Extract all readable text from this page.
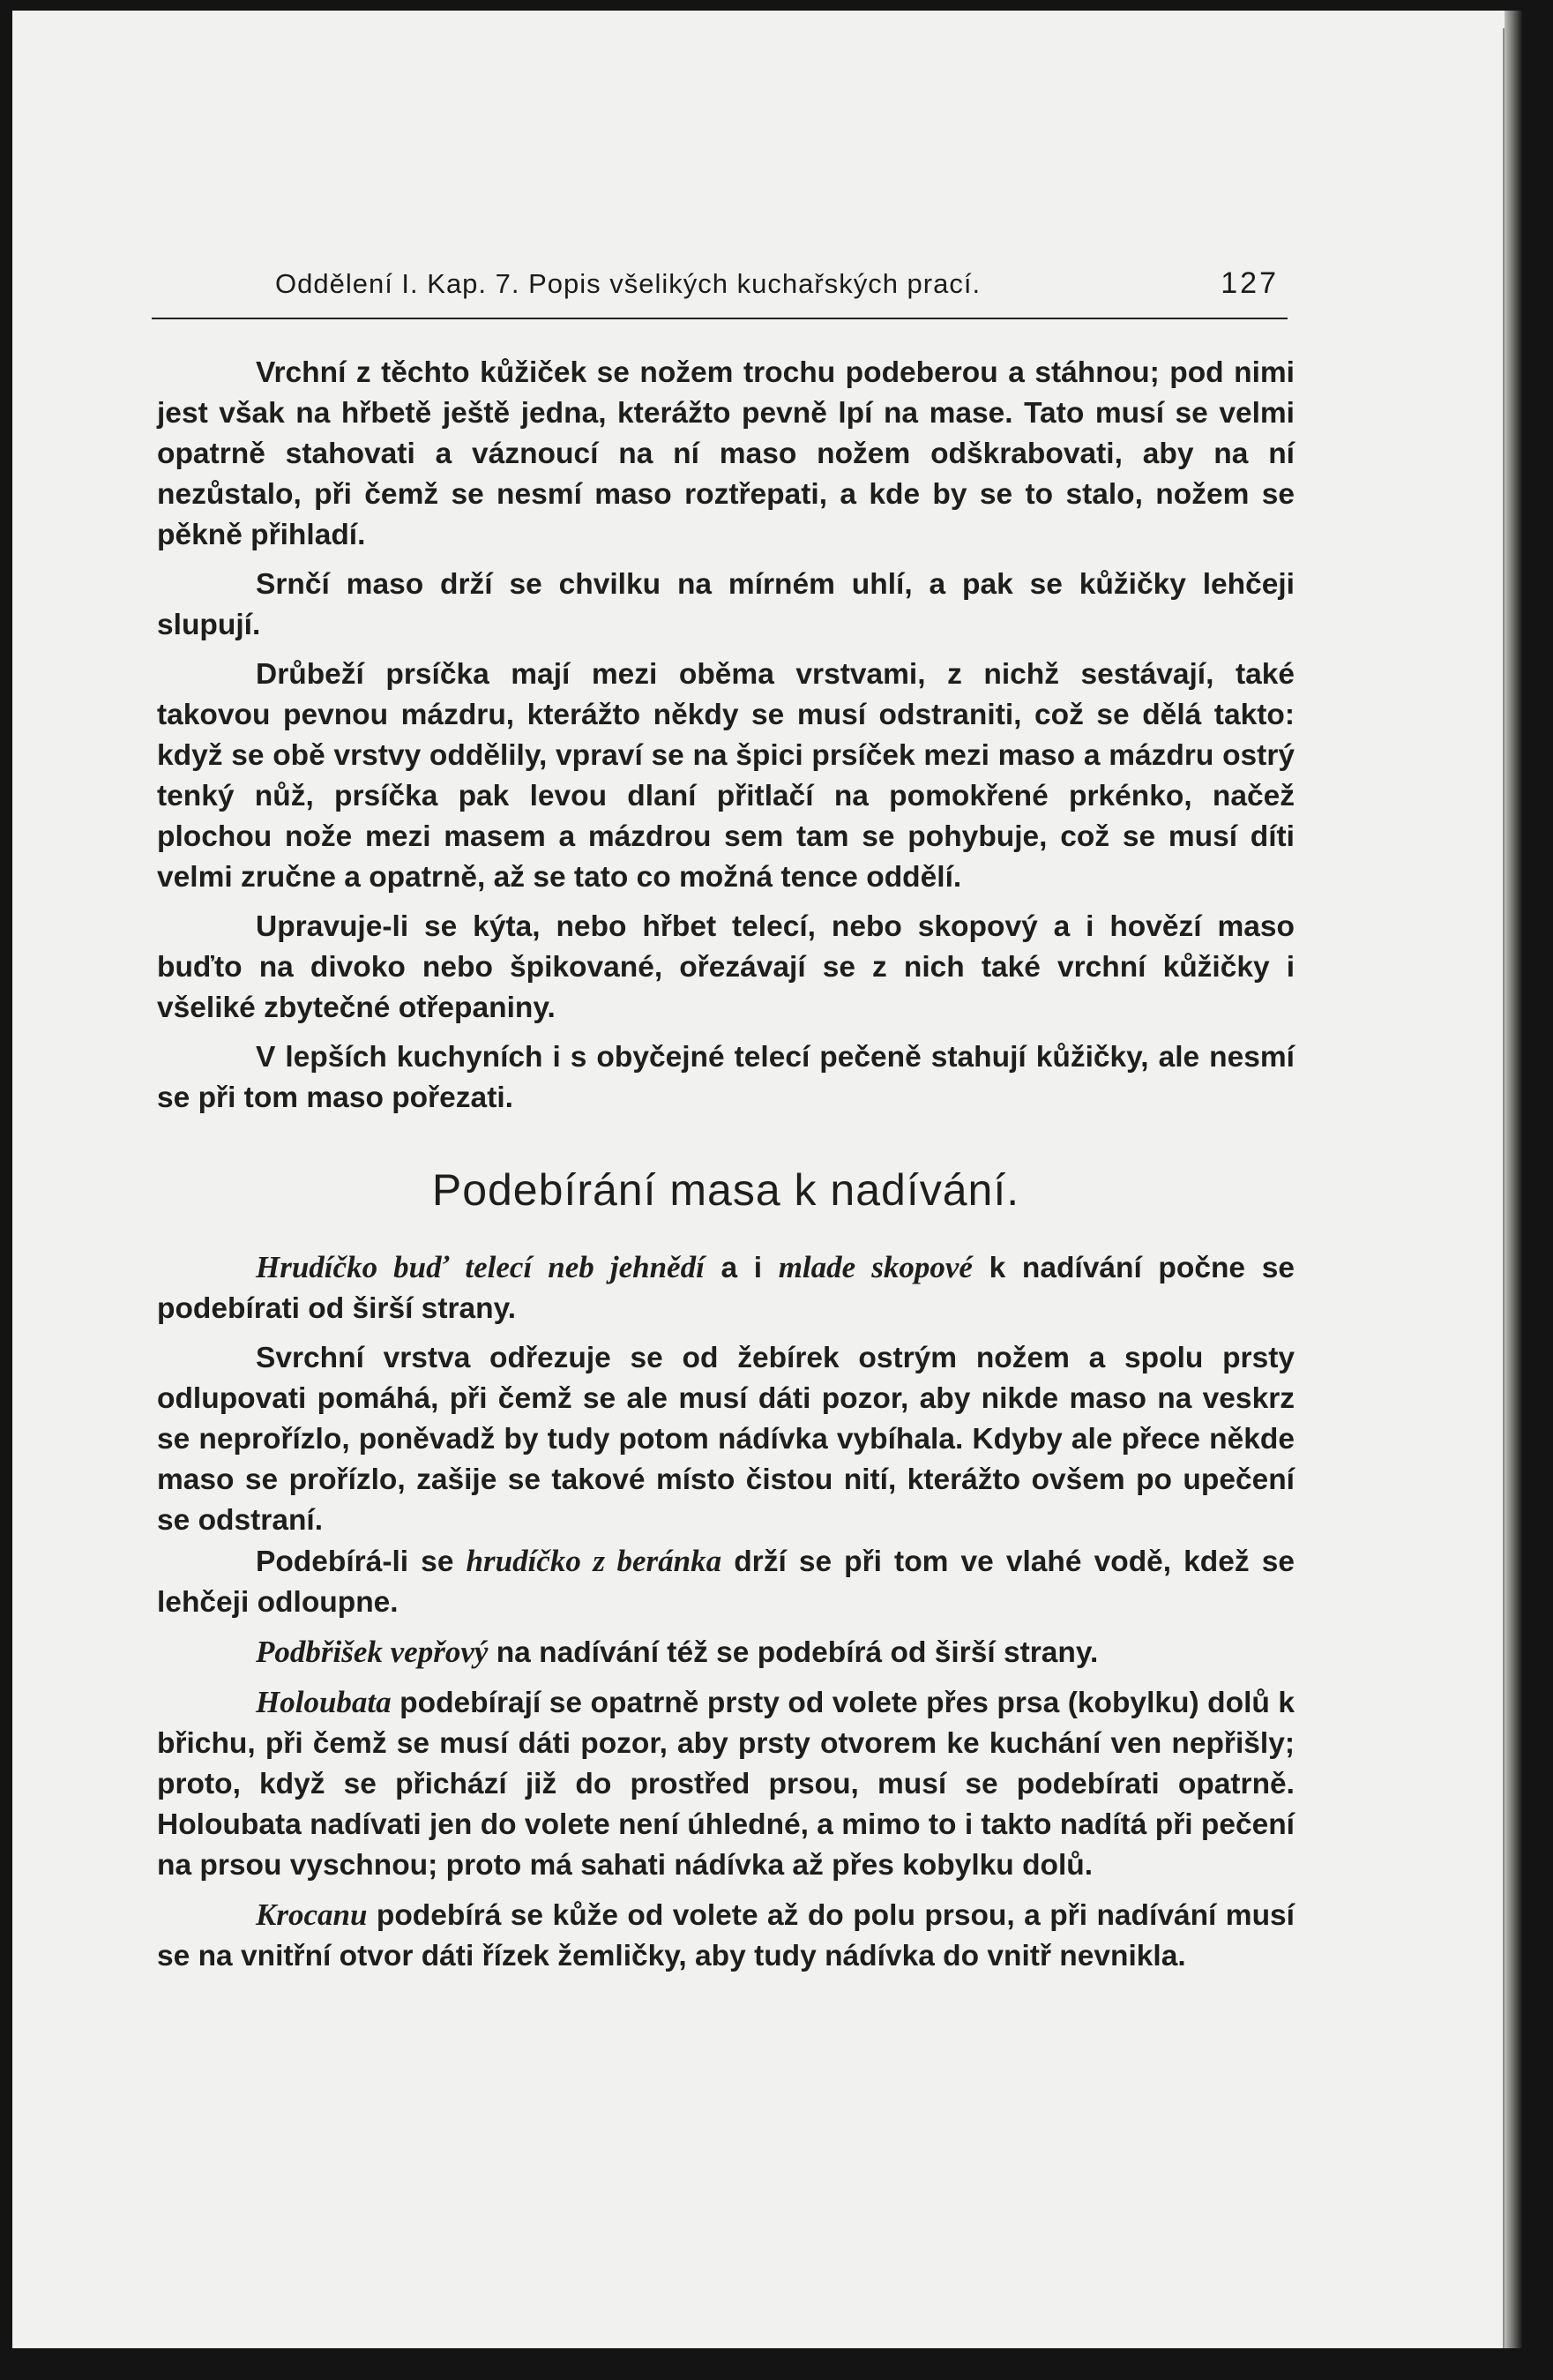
Oddělení I. Kap. 7. Popis všelikých kuchařských prací.	127

Vrchní z těchto kůžiček se nožem trochu podeberou a stáhnou; pod nimi jest však na hřbetě ještě jedna, kterážto pevně lpí na mase. Tato musí se velmi opatrně stahovati a váznoucí na ní maso nožem odškrabovati, aby na ní nezůstalo, při čemž se nesmí maso roztřepati, a kde by se to stalo, nožem se pěkně přihladí.

Srnčí maso drží se chvilku na mírném uhlí, a pak se kůžičky lehčeji slupují.

Drůbeží prsíčka mají mezi oběma vrstvami, z nichž sestávají, také takovou pevnou mázdru, kterážto někdy se musí odstraniti, což se dělá takto: když se obě vrstvy oddělily, vpraví se na špici prsíček mezi maso a mázdru ostrý tenký nůž, prsíčka pak levou dlaní přitlačí na pomokřené prkénko, načež plochou nože mezi masem a mázdrou sem tam se pohybuje, což se musí díti velmi zručne a opatrně, až se tato co možná tence oddělí.

Upravuje-li se kýta, nebo hřbet telecí, nebo skopový a i hovězí maso buďto na divoko nebo špikované, ořezávají se z nich také vrchní kůžičky i všeliké zbytečné otřepaniny.

V lepších kuchyních i s obyčejné telecí pečeně stahují kůžičky, ale nesmí se při tom maso pořezati.

Podebírání masa k nadívání.

Hrudíčko buď telecí neb jehnědí a i mlade skopové k nadívání počne se podebírati od širší strany.

Svrchní vrstva odřezuje se od žebírek ostrým nožem a spolu prsty odlupovati pomáhá, při čemž se ale musí dáti pozor, aby nikde maso na veskrz se neprořízlo, poněvadž by tudy potom nádívka vybíhala. Kdyby ale přece někde maso se prořízlo, zašije se takové místo čistou nití, kterážto ovšem po upečení se odstraní.

Podebírá-li se hrudíčko z beránka drží se při tom ve vlahé vodě, kdež se lehčeji odloupne.

Podbřišek vepřový na nadívání též se podebírá od širší strany.

Holoubata podebírají se opatrně prsty od volete přes prsa (kobylku) dolů k břichu, při čemž se musí dáti pozor, aby prsty otvorem ke kuchání ven nepřišly; proto, když se přichází již do prostřed prsou, musí se podebírati opatrně. Holoubata nadívati jen do volete není úhledné, a mimo to i takto nadítá při pečení na prsou vyschnou; proto má sahati nádívka až přes kobylku dolů.

Krocanu podebírá se kůže od volete až do polu prsou, a při nadívání musí se na vnitřní otvor dáti řízek žemličky, aby tudy nádívka do vnitř nevnikla.
